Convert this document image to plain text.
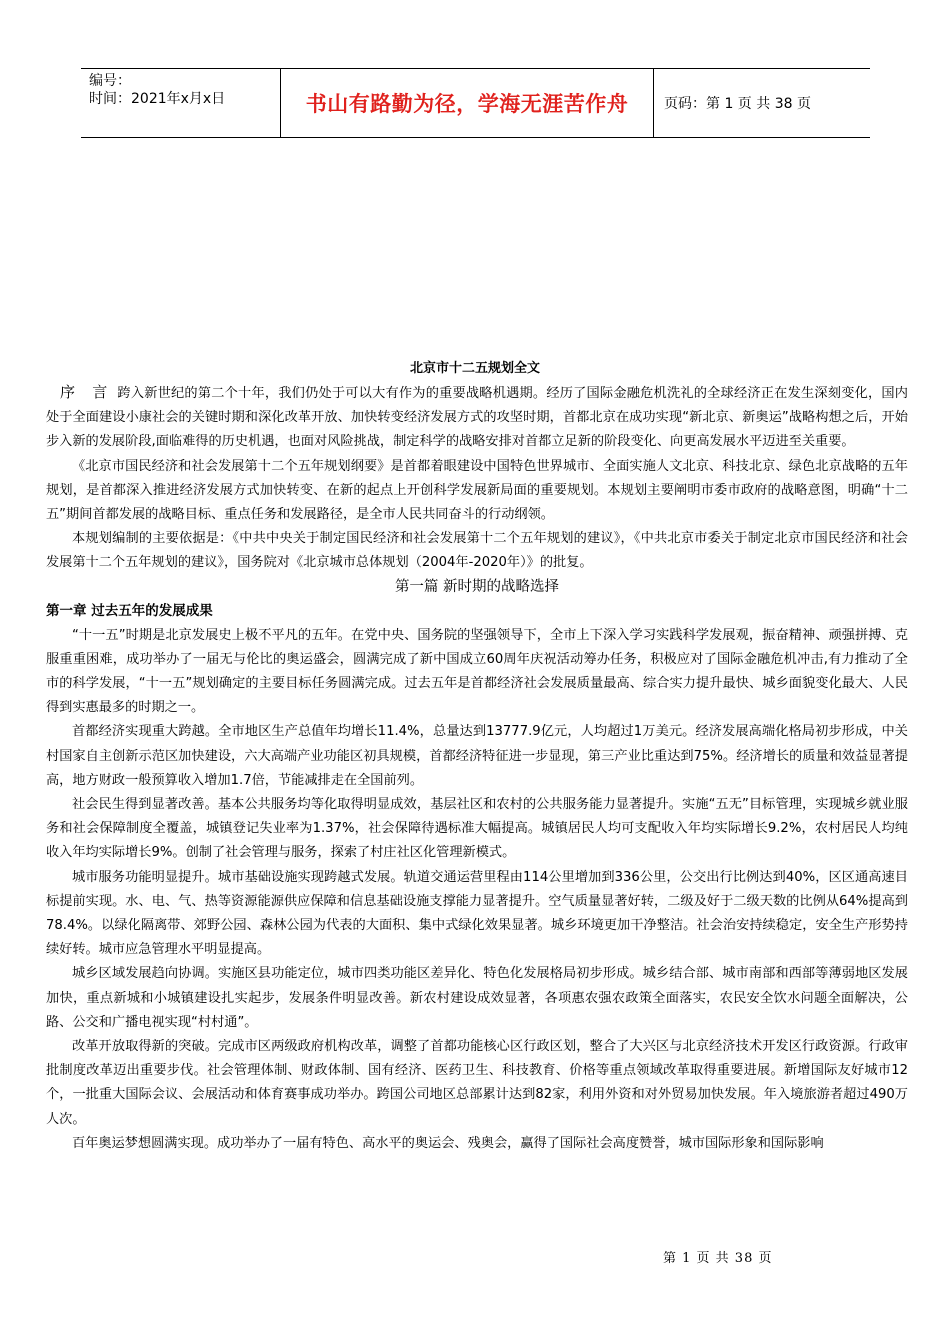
编号：
时间：2021年x月x日	书山有路勤为径，学海无涯苦作舟	页码：第 1 页 共 38 页
北京市十二五规划全文

序 言 跨入新世纪的第二个十年，我们仍处于可以大有作为的重要战略机遇期。经历了国际金融危机洗礼的全球经济正在发生深刻变化，国内处于全面建设小康社会的关键时期和深化改革开放、加快转变经济发展方式的攻坚时期，首都北京在成功实现“新北京、新奥运”战略构想之后，开始步入新的发展阶段,面临难得的历史机遇，也面对风险挑战，制定科学的战略安排对首都立足新的阶段变化、向更高发展水平迈进至关重要。

《北京市国民经济和社会发展第十二个五年规划纲要》是首都着眼建设中国特色世界城市、全面实施人文北京、科技北京、绿色北京战略的五年规划，是首都深入推进经济发展方式加快转变、在新的起点上开创科学发展新局面的重要规划。本规划主要阐明市委市政府的战略意图，明确“十二五”期间首都发展的战略目标、重点任务和发展路径，是全市人民共同奋斗的行动纲领。

本规划编制的主要依据是：《中共中央关于制定国民经济和社会发展第十二个五年规划的建议》，《中共北京市委关于制定北京市国民经济和社会发展第十二个五年规划的建议》，国务院对《北京城市总体规划（2004年-2020年）》的批复。

第一篇 新时期的战略选择

第一章 过去五年的发展成果

“十一五”时期是北京发展史上极不平凡的五年。在党中央、国务院的坚强领导下，全市上下深入学习实践科学发展观，振奋精神、顽强拼搏、克服重重困难，成功举办了一届无与伦比的奥运盛会，圆满完成了新中国成立60周年庆祝活动筹办任务，积极应对了国际金融危机冲击,有力推动了全市的科学发展，“十一五”规划确定的主要目标任务圆满完成。过去五年是首都经济社会发展质量最高、综合实力提升最快、城乡面貌变化最大、人民得到实惠最多的时期之一。

首都经济实现重大跨越。全市地区生产总值年均增长11.4%，总量达到13777.9亿元，人均超过1万美元。经济发展高端化格局初步形成，中关村国家自主创新示范区加快建设，六大高端产业功能区初具规模，首都经济特征进一步显现，第三产业比重达到75%。经济增长的质量和效益显著提高，地方财政一般预算收入增加1.7倍，节能减排走在全国前列。

社会民生得到显著改善。基本公共服务均等化取得明显成效，基层社区和农村的公共服务能力显著提升。实施“五无”目标管理，实现城乡就业服务和社会保障制度全覆盖，城镇登记失业率为1.37%，社会保障待遇标准大幅提高。城镇居民人均可支配收入年均实际增长9.2%，农村居民人均纯收入年均实际增长9%。创制了社会管理与服务，探索了村庄社区化管理新模式。

城市服务功能明显提升。城市基础设施实现跨越式发展。轨道交通运营里程由114公里增加到336公里，公交出行比例达到40%，区区通高速目标提前实现。水、电、气、热等资源能源供应保障和信息基础设施支撑能力显著提升。空气质量显著好转，二级及好于二级天数的比例从64%提高到78.4%。以绿化隔离带、郊野公园、森林公园为代表的大面积、集中式绿化效果显著。城乡环境更加干净整洁。社会治安持续稳定，安全生产形势持续好转。城市应急管理水平明显提高。

城乡区域发展趋向协调。实施区县功能定位，城市四类功能区差异化、特色化发展格局初步形成。城乡结合部、城市南部和西部等薄弱地区发展加快，重点新城和小城镇建设扎实起步，发展条件明显改善。新农村建设成效显著，各项惠农强农政策全面落实，农民安全饮水问题全面解决，公路、公交和广播电视实现“村村通”。

改革开放取得新的突破。完成市区两级政府机构改革，调整了首都功能核心区行政区划，整合了大兴区与北京经济技术开发区行政资源。行政审批制度改革迈出重要步伐。社会管理体制、财政体制、国有经济、医药卫生、科技教育、价格等重点领域改革取得重要进展。新增国际友好城市12个，一批重大国际会议、会展活动和体育赛事成功举办。跨国公司地区总部累计达到82家，利用外资和对外贸易加快发展。年入境旅游者超过490万人次。

百年奥运梦想圆满实现。成功举办了一届有特色、高水平的奥运会、残奥会，赢得了国际社会高度赞誉，城市国际形象和国际影响

第 1 页 共 38 页
